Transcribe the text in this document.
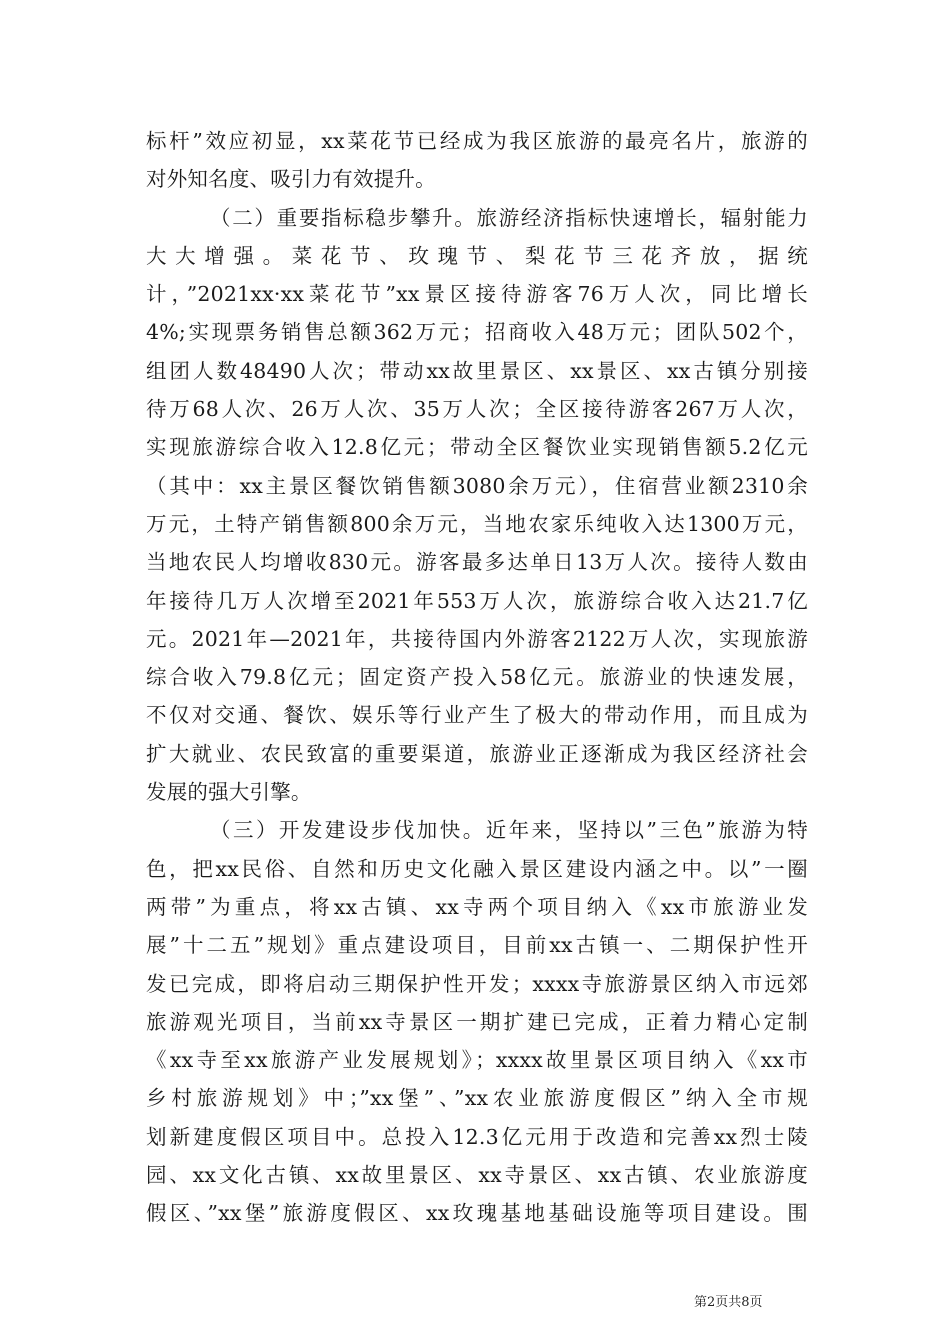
标杆”效应初显，xx菜花节已经成为我区旅游的最亮名片，旅游的
对外知名度、吸引力有效提升。
（二）重要指标稳步攀升。旅游经济指标快速增长，辐射能力
大大增强。菜花节、玫瑰节、梨花节三花齐放，据统
计，”2021xx·xx菜花节”xx景区接待游客76万人次，同比增长
4%;实现票务销售总额362万元；招商收入48万元；团队502个，
组团人数48490人次；带动xx故里景区、xx景区、xx古镇分别接
待万68人次、26万人次、35万人次；全区接待游客267万人次，
实现旅游综合收入12.8亿元；带动全区餐饮业实现销售额5.2亿元
（其中：xx主景区餐饮销售额3080余万元），住宿营业额2310余
万元，土特产销售额800余万元，当地农家乐纯收入达1300万元，
当地农民人均增收830元。游客最多达单日13万人次。接待人数由
年接待几万人次增至2021年553万人次，旅游综合收入达21.7亿
元。2021年—2021年，共接待国内外游客2122万人次，实现旅游
综合收入79.8亿元；固定资产投入58亿元。旅游业的快速发展，
不仅对交通、餐饮、娱乐等行业产生了极大的带动作用，而且成为
扩大就业、农民致富的重要渠道，旅游业正逐渐成为我区经济社会
发展的强大引擎。
（三）开发建设步伐加快。近年来，坚持以”三色”旅游为特
色，把xx民俗、自然和历史文化融入景区建设内涵之中。以”一圈
两带”为重点，将xx古镇、xx寺两个项目纳入《xx市旅游业发
展”十二五”规划》重点建设项目，目前xx古镇一、二期保护性开
发已完成，即将启动三期保护性开发；xxxx寺旅游景区纳入市远郊
旅游观光项目，当前xx寺景区一期扩建已完成，正着力精心定制
《xx寺至xx旅游产业发展规划》；xxxx故里景区项目纳入《xx市
乡村旅游规划》中；”xx堡”、”xx农业旅游度假区”纳入全市规
划新建度假区项目中。总投入12.3亿元用于改造和完善xx烈士陵
园、xx文化古镇、xx故里景区、xx寺景区、xx古镇、农业旅游度
假区、”xx堡”旅游度假区、xx玫瑰基地基础设施等项目建设。围
第2页共8页
